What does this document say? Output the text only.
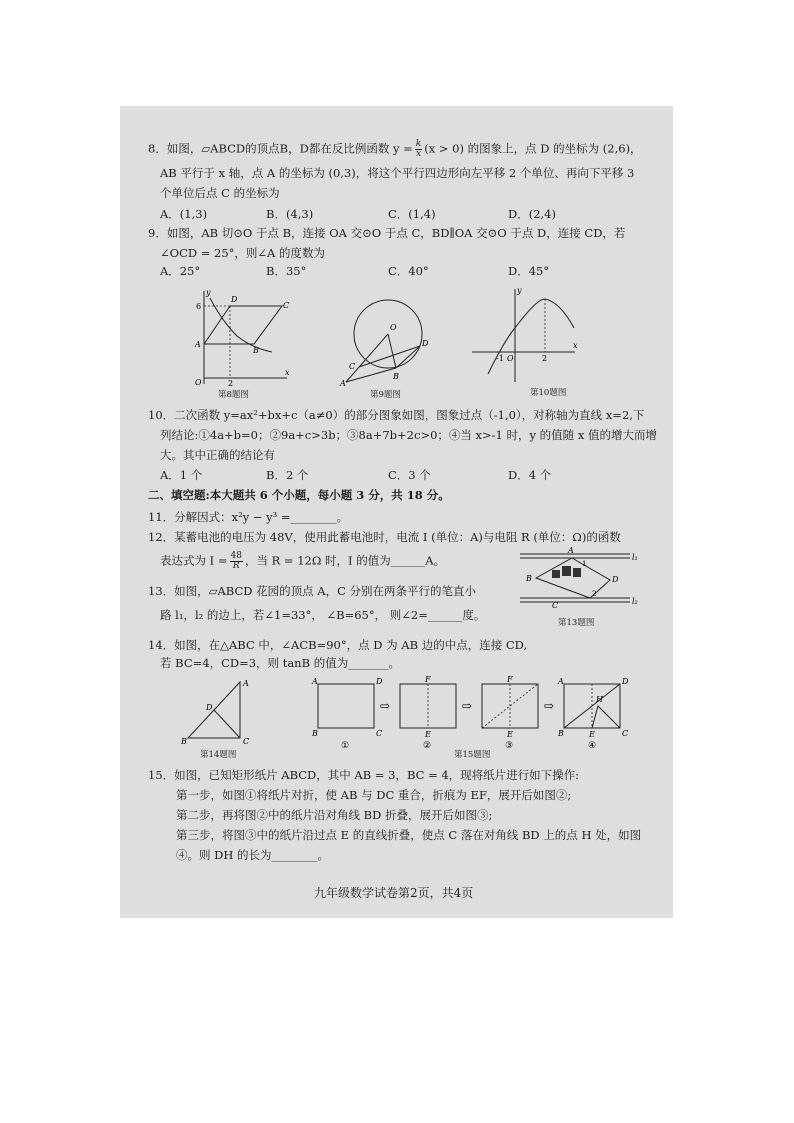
8．如图，▱ABCD的顶点B，D都在反比例函数 $y = \frac{k}{x} (x > 0)$ 的图象上，点 D 的坐标为 (2,6)，
AB 平行于 x 轴，点 A 的坐标为 (0,3)，将这个平行四边形向左平移 2 个单位、再向下平移 3
个单位后点 C 的坐标为
A．(1,3)	B．(4,3)	C．(1,4)	D．(2,4)
9．如图，AB 切⊙O 于点 B，连接 OA 交⊙O 于点 C，BD∥OA 交⊙O 于点 D，连接 CD，若
∠OCD = 25°，则∠A 的度数为
A．25°	B．35°	C．40°	D．45°
y
x
O
6
2
A
B
C
D
第8题图
O
A
B
C
D
第9题图
y
x
O
-1	2
第10题图
10．二次函数 y=ax²+bx+c（a≠0）的部分图象如图，图象过点（-1,0），对称轴为直线 x=2,下
列结论:①4a+b=0；②9a+c>3b；③8a+7b+2c>0；④当 x>-1 时，y 的值随 x 值的增大而增
大。其中正确的结论有
A．1 个	B．2 个	C．3 个	D．4 个
二、填空题:本大题共 6 个小题，每小题 3 分，共 18 分。
11．分解因式：x²y − y³ =________。
12．某蓄电池的电压为 48V，使用此蓄电池时，电流 I (单位：A)与电阻 R (单位：Ω)的函数
表达式为 $I = \frac{48}{R}$ ，当 R = 12Ω 时，I 的值为______A。
A
B
C
D
l₁
l₂
1
2
第13题图
13．如图，▱ABCD 花园的顶点 A，C 分别在两条平行的笔直小
路 l₁，l₂ 的边上，若∠1=33°， ∠B=65°， 则∠2=______度。
14．如图，在△ABC 中，∠ACB=90°，点 D 为 AB 边的中点，连接 CD,
若 BC=4，CD=3，则 tanB 的值为_______。
A
B	C
D
第14题图
A	D
B	C
①
⇨
F
E
②
⇨
F
E
③
⇨	H
A	D
B	C
E
④
第15题图
15．如图，已知矩形纸片 ABCD，其中 AB = 3，BC = 4，现将纸片进行如下操作:
第一步，如图①将纸片对折，使 AB 与 DC 重合，折痕为 EF，展开后如图②;
第二步，再将图②中的纸片沿对角线 BD 折叠，展开后如图③;
第三步，将图③中的纸片沿过点 E 的直线折叠，使点 C 落在对角线 BD 上的点 H 处，如图
④。则 DH 的长为________。
九年级数学试卷第2页，共4页
